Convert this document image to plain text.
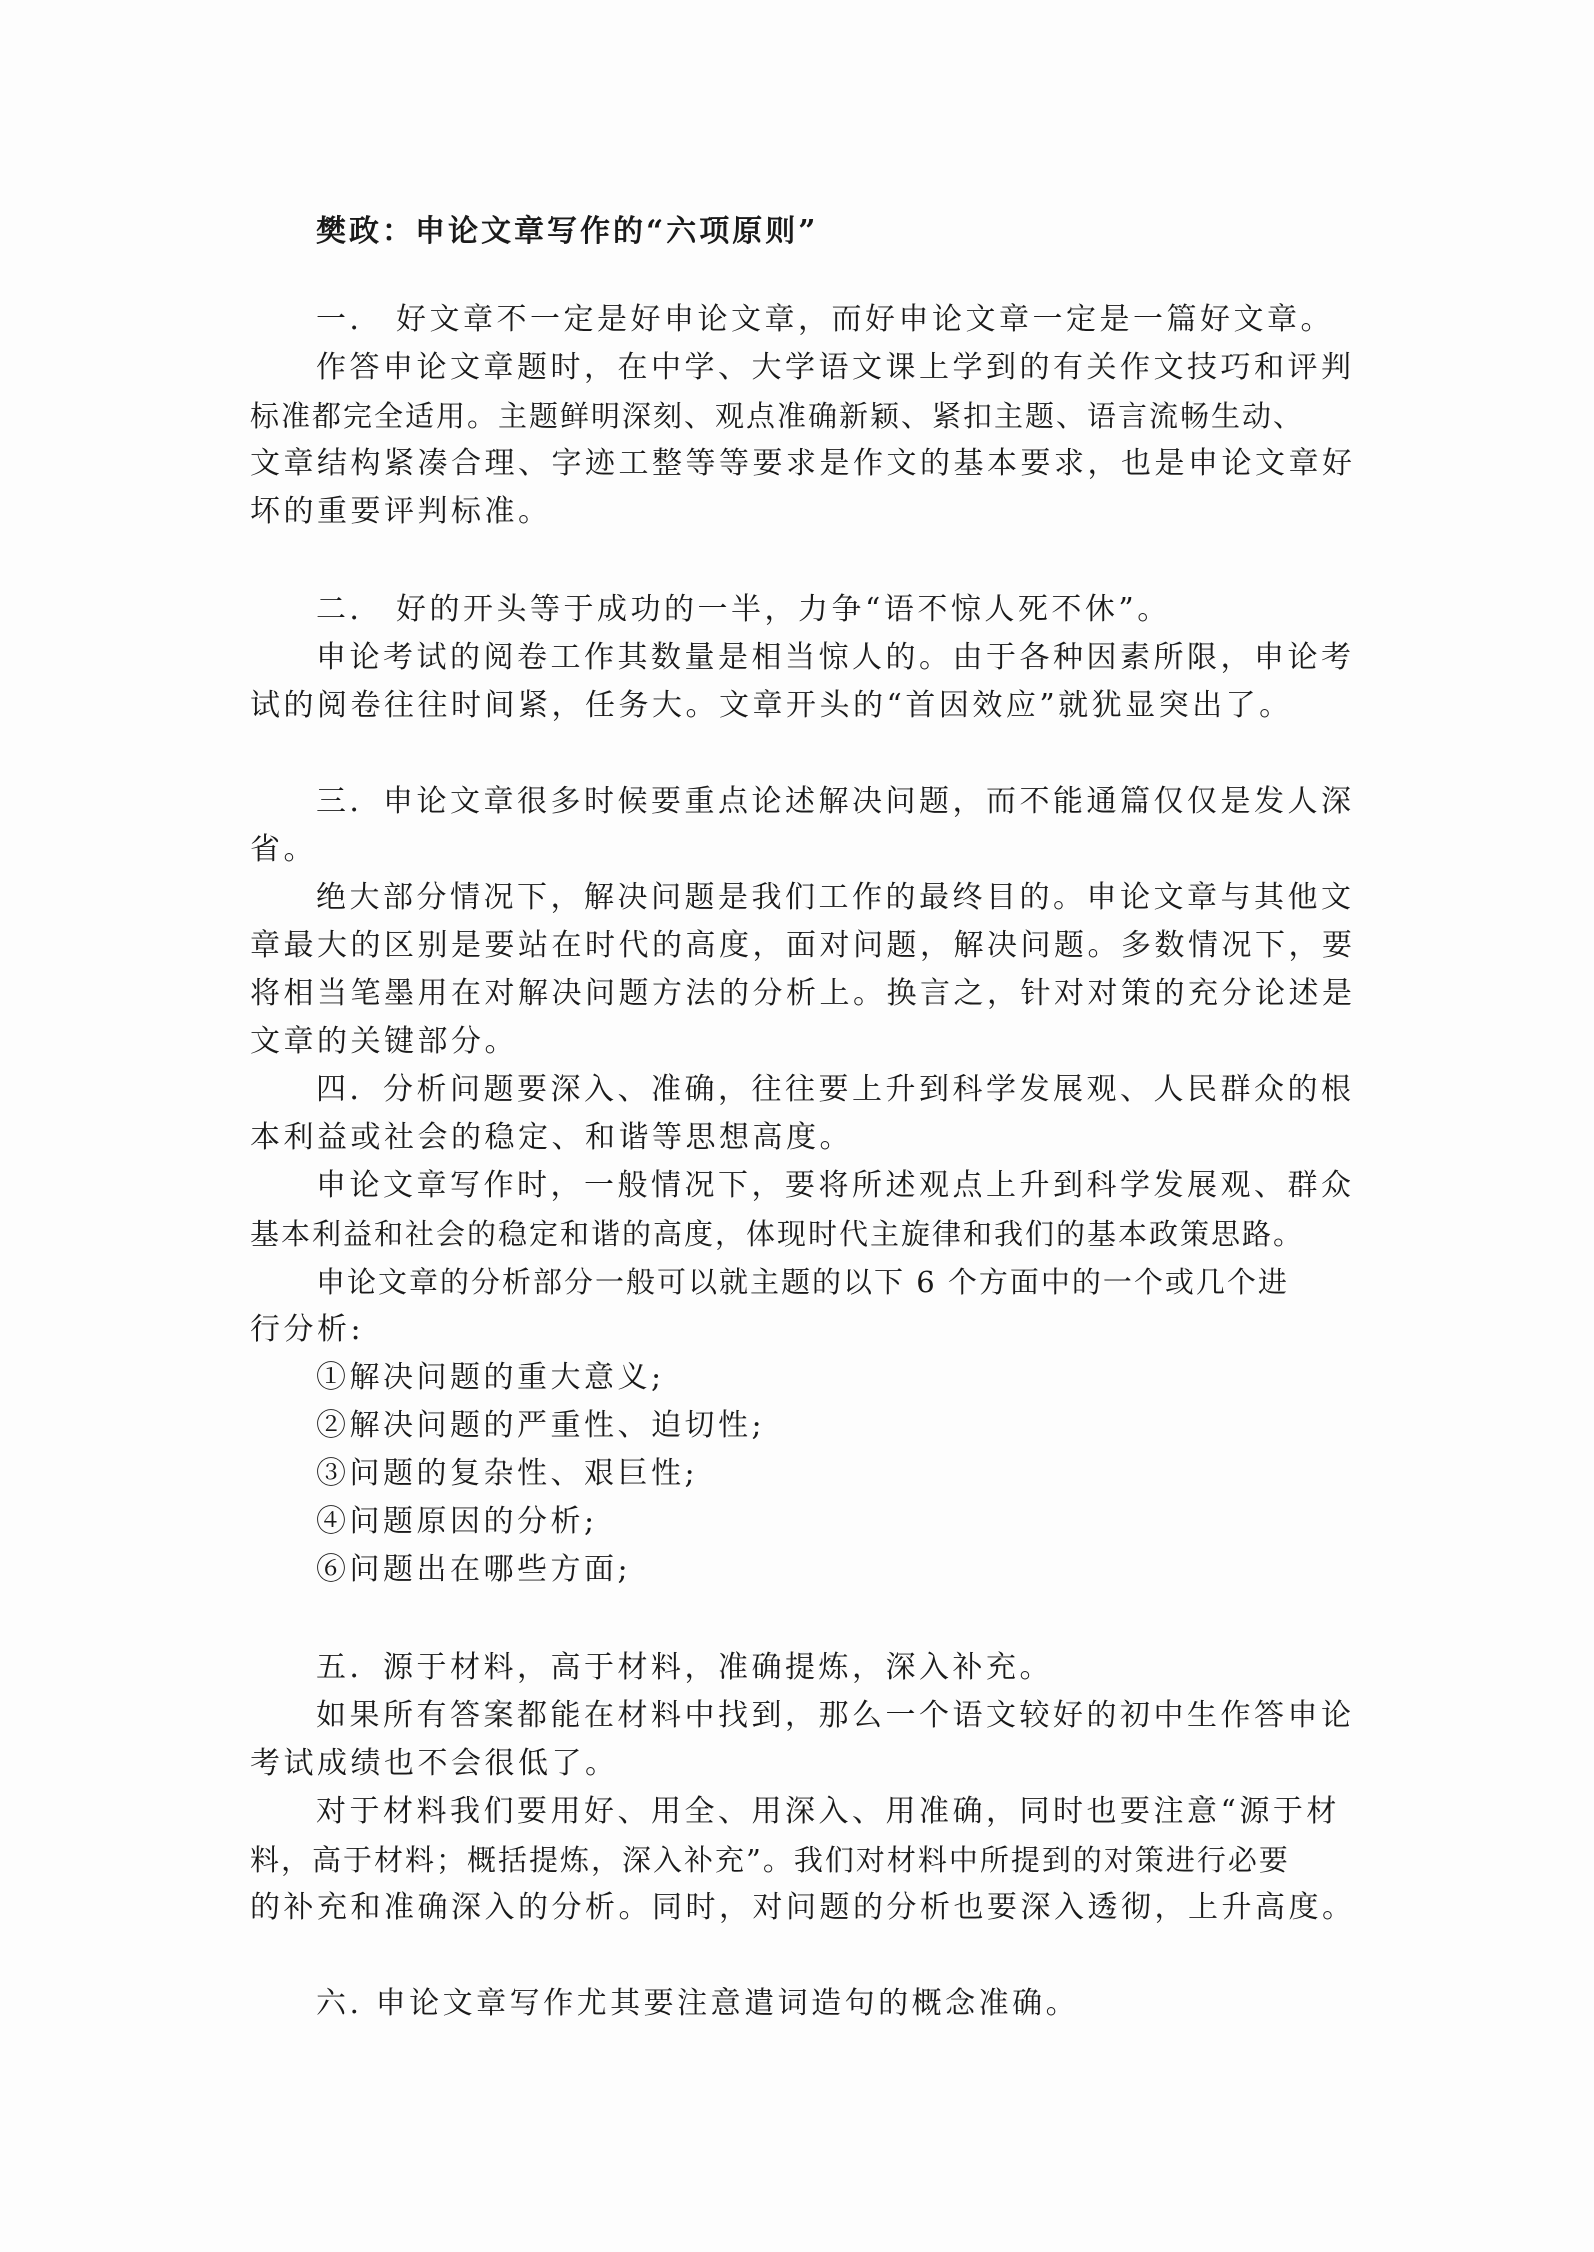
樊政：申论文章写作的“六项原则”
一． 好文章不一定是好申论文章，而好申论文章一定是一篇好文章。
作答申论文章题时，在中学、大学语文课上学到的有关作文技巧和评判
标准都完全适用。主题鲜明深刻、观点准确新颖、紧扣主题、语言流畅生动、
文章结构紧凑合理、字迹工整等等要求是作文的基本要求，也是申论文章好
坏的重要评判标准。
二． 好的开头等于成功的一半，力争“语不惊人死不休”。
申论考试的阅卷工作其数量是相当惊人的。由于各种因素所限，申论考
试的阅卷往往时间紧，任务大。文章开头的“首因效应”就犹显突出了。
三．申论文章很多时候要重点论述解决问题，而不能通篇仅仅是发人深
省。
绝大部分情况下，解决问题是我们工作的最终目的。申论文章与其他文
章最大的区别是要站在时代的高度，面对问题，解决问题。多数情况下，要
将相当笔墨用在对解决问题方法的分析上。换言之，针对对策的充分论述是
文章的关键部分。
四．分析问题要深入、准确，往往要上升到科学发展观、人民群众的根
本利益或社会的稳定、和谐等思想高度。
申论文章写作时，一般情况下，要将所述观点上升到科学发展观、群众
基本利益和社会的稳定和谐的高度，体现时代主旋律和我们的基本政策思路。
申论文章的分析部分一般可以就主题的以下 6 个方面中的一个或几个进
行分析:
①解决问题的重大意义;
②解决问题的严重性、迫切性;
③问题的复杂性、艰巨性;
④问题原因的分析;
⑥问题出在哪些方面;
五．源于材料，高于材料，准确提炼，深入补充。
如果所有答案都能在材料中找到，那么一个语文较好的初中生作答申论
考试成绩也不会很低了。
对于材料我们要用好、用全、用深入、用准确，同时也要注意“源于材
料，高于材料；概括提炼，深入补充”。我们对材料中所提到的对策进行必要
的补充和准确深入的分析。同时，对问题的分析也要深入透彻，上升高度。
六. 申论文章写作尤其要注意遣词造句的概念准确。
